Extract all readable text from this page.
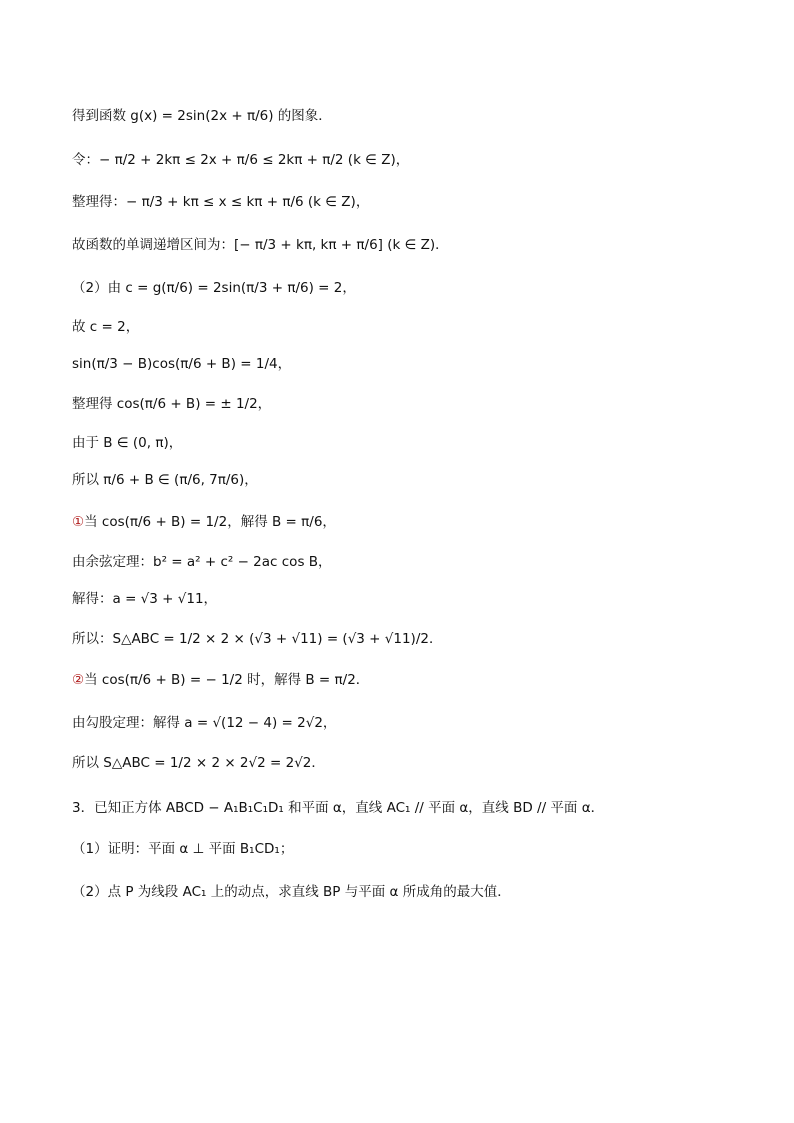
得到函数 g(x) = 2sin(2x + π/6) 的图象．
令：− π/2 + 2kπ ≤ 2x + π/6 ≤ 2kπ + π/2 (k ∈ Z)，
整理得：− π/3 + kπ ≤ x ≤ kπ + π/6 (k ∈ Z)，
故函数的单调递增区间为：[− π/3 + kπ, kπ + π/6] (k ∈ Z)．
（2）由 c = g(π/6) = 2sin(π/3 + π/6) = 2，
故 c = 2，
sin(π/3 − B)cos(π/6 + B) = 1/4，
整理得 cos(π/6 + B) = ± 1/2，
由于 B ∈ (0, π)，
所以 π/6 + B ∈ (π/6, 7π/6)，
①当 cos(π/6 + B) = 1/2，解得 B = π/6，
由余弦定理：b² = a² + c² − 2ac cos B，
解得：a = √3 + √11，
所以：S△ABC = 1/2 × 2 × (√3 + √11) = (√3 + √11)/2．
②当 cos(π/6 + B) = − 1/2 时，解得 B = π/2．
由勾股定理：解得 a = √(12 − 4) = 2√2，
所以 S△ABC = 1/2 × 2 × 2√2 = 2√2．
3．已知正方体 ABCD − A₁B₁C₁D₁ 和平面 α，直线 AC₁ // 平面 α，直线 BD // 平面 α．
（1）证明：平面 α ⊥ 平面 B₁CD₁；
（2）点 P 为线段 AC₁ 上的动点，求直线 BP 与平面 α 所成角的最大值．
